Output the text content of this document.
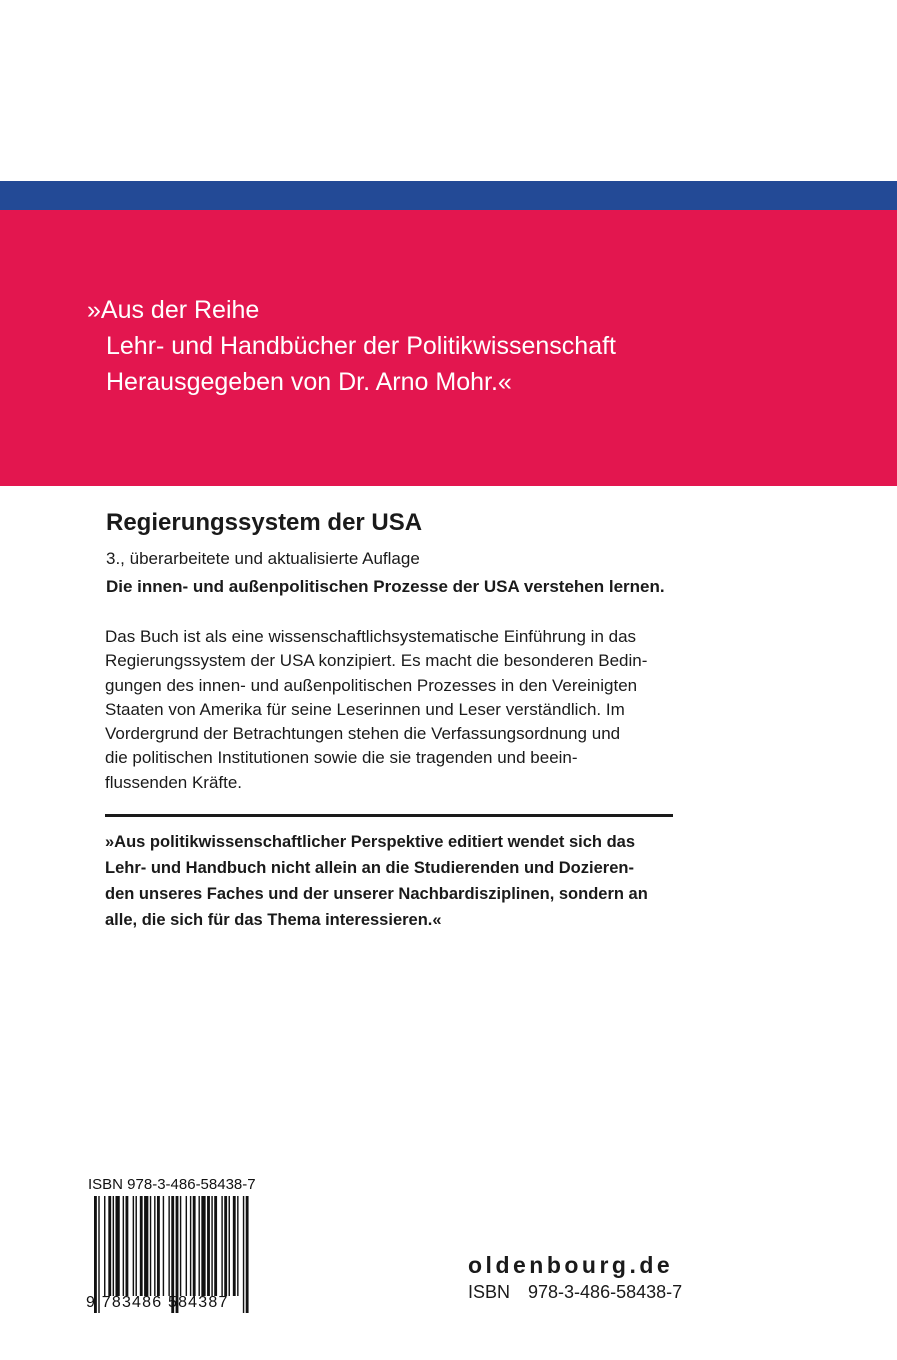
»Aus der Reihe
Lehr- und Handbücher der Politikwissenschaft
Herausgegeben von Dr. Arno Mohr.«
Regierungssystem der USA
3., überarbeitete und aktualisierte Auflage
Die innen- und außenpolitischen Prozesse der USA verstehen lernen.
Das Buch ist als eine wissenschaftlichsystematische Einführung in das
Regierungssystem der USA konzipiert. Es macht die besonderen Bedin-
gungen des innen- und außenpolitischen Prozesses in den Vereinigten
Staaten von Amerika für seine Leserinnen und Leser verständlich. Im
Vordergrund der Betrachtungen stehen die Verfassungsordnung und
die politischen Institutionen sowie die sie tragenden und beein-
flussenden Kräfte.
»Aus politikwissenschaftlicher Perspektive editiert wendet sich das
Lehr- und Handbuch nicht allein an die Studierenden und Dozieren-
den unseres Faches und der unserer Nachbardisziplinen, sondern an
alle, die sich für das Thema interessieren.«
ISBN 978-3-486-58438-7
9 783486 584387
oldenbourg.de
ISBN 978-3-486-58438-7
